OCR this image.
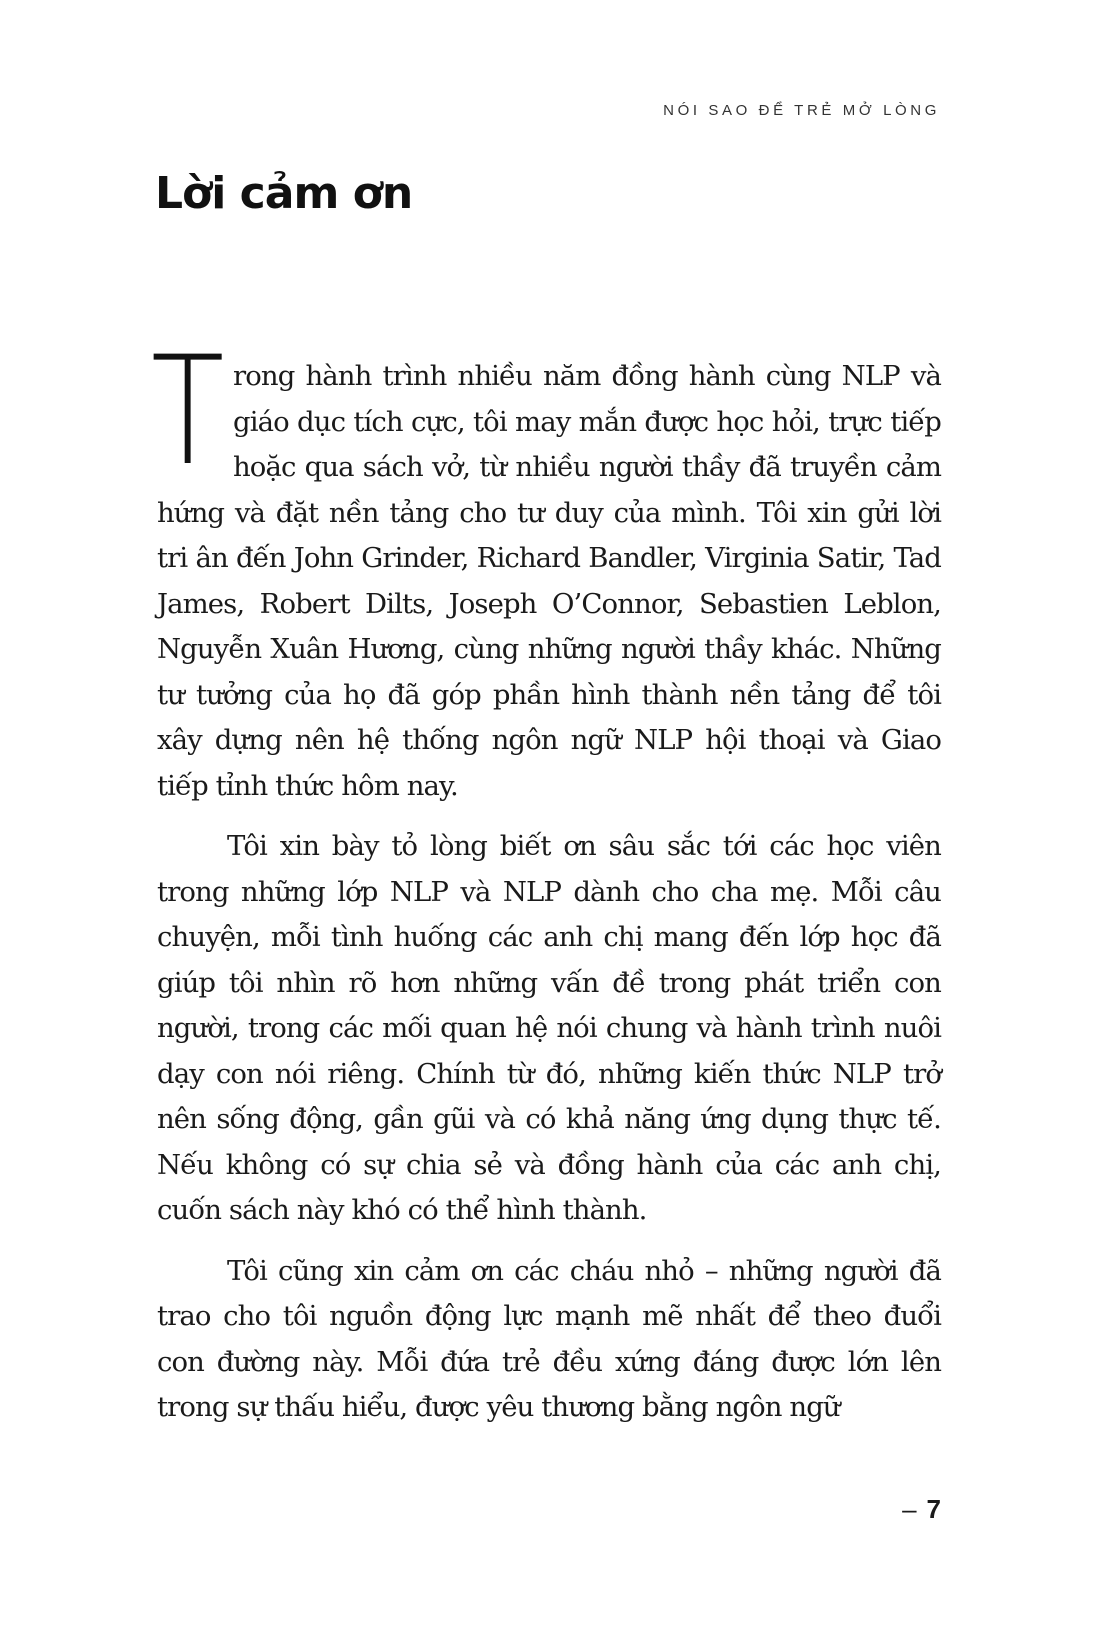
NÓI SAO ĐỂ TRẺ MỞ LÒNG
Lời cảm ơn

Trong hành trình nhiều năm đồng hành cùng NLP và giáo dục tích cực, tôi may mắn được học hỏi, trực tiếp hoặc qua sách vở, từ nhiều người thầy đã truyền cảm hứng và đặt nền tảng cho tư duy của mình. Tôi xin gửi lời tri ân đến John Grinder, Richard Bandler, Virginia Satir, Tad James, Robert Dilts, Joseph O’Connor, Sebastien Leblon, Nguyễn Xuân Hương, cùng những người thầy khác. Những tư tưởng của họ đã góp phần hình thành nền tảng để tôi xây dựng nên hệ thống ngôn ngữ NLP hội thoại và Giao tiếp tỉnh thức hôm nay.

Tôi xin bày tỏ lòng biết ơn sâu sắc tới các học viên trong những lớp NLP và NLP dành cho cha mẹ. Mỗi câu chuyện, mỗi tình huống các anh chị mang đến lớp học đã giúp tôi nhìn rõ hơn những vấn đề trong phát triển con người, trong các mối quan hệ nói chung và hành trình nuôi dạy con nói riêng. Chính từ đó, những kiến thức NLP trở nên sống động, gần gũi và có khả năng ứng dụng thực tế. Nếu không có sự chia sẻ và đồng hành của các anh chị, cuốn sách này khó có thể hình thành.

Tôi cũng xin cảm ơn các cháu nhỏ – những người đã trao cho tôi nguồn động lực mạnh mẽ nhất để theo đuổi con đường này. Mỗi đứa trẻ đều xứng đáng được lớn lên trong sự thấu hiểu, được yêu thương bằng ngôn ngữ

– 7
